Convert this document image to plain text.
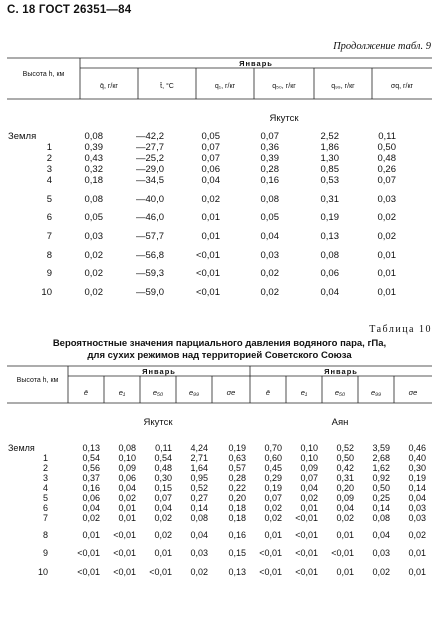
С. 18 ГОСТ 26351—84
Продолжение табл. 9
Высота h, км
Январь
q̄, г/кг	t̄, °С	q₁, г/кг	q₅₀, г/кг	q₉₉, г/кг	σq, г/кг
Якутск
Земля	0,08	—42,2	0,05	0,07	2,52	0,11
1	0,39	—27,7	0,07	0,36	1,86	0,50
2	0,43	—25,2	0,07	0,39	1,30	0,48
3	0,32	—29,0	0,06	0,28	0,85	0,26
4	0,18	—34,5	0,04	0,16	0,53	0,07
5	0,08	—40,0	0,02	0,08	0,31	0,03
6	0,05	—46,0	0,01	0,05	0,19	0,02
7	0,03	—57,7	0,01	0,04	0,13	0,02
8	0,02	—56,8	<0,01	0,03	0,08	0,01
9	0,02	—59,3	<0,01	0,02	0,06	0,01
10	0,02	—59,0	<0,01	0,02	0,04	0,01
Таблица 10
Вероятностные значения парциального давления водяного пара, гПа,
для сухих режимов над территорией Советского Союза
Высота h, км
Январь	Январь
ē	e₁	e₅₀	e₉₉	σe	ē	e₁	e₅₀	e₉₉	σe
Якутск	Аян
Земля	0,13	0,08	0,11	4,24	0,19	0,70	0,10	0,52	3,59	0,46
1	0,54	0,10	0,54	2,71	0,63	0,60	0,10	0,50	2,68	0,40
2	0,56	0,09	0,48	1,64	0,57	0,45	0,09	0,42	1,62	0,30
3	0,37	0,06	0,30	0,95	0,28	0,29	0,07	0,31	0,92	0,19
4	0,16	0,04	0,15	0,52	0,22	0,19	0,04	0,20	0,50	0,14
5	0,06	0,02	0,07	0,27	0,20	0,07	0,02	0,09	0,25	0,04
6	0,04	0,01	0,04	0,14	0,18	0,02	0,01	0,04	0,14	0,03
7	0,02	0,01	0,02	0,08	0,18	0,02	<0,01	0,02	0,08	0,03
8	0,01	<0,01	0,02	0,04	0,16	0,01	<0,01	0,01	0,04	0,02
9	<0,01	<0,01	0,01	0,03	0,15	<0,01	<0,01	<0,01	0,03	0,01
10	<0,01	<0,01	<0,01	0,02	0,13	<0,01	<0,01	0,01	0,02	0,01
